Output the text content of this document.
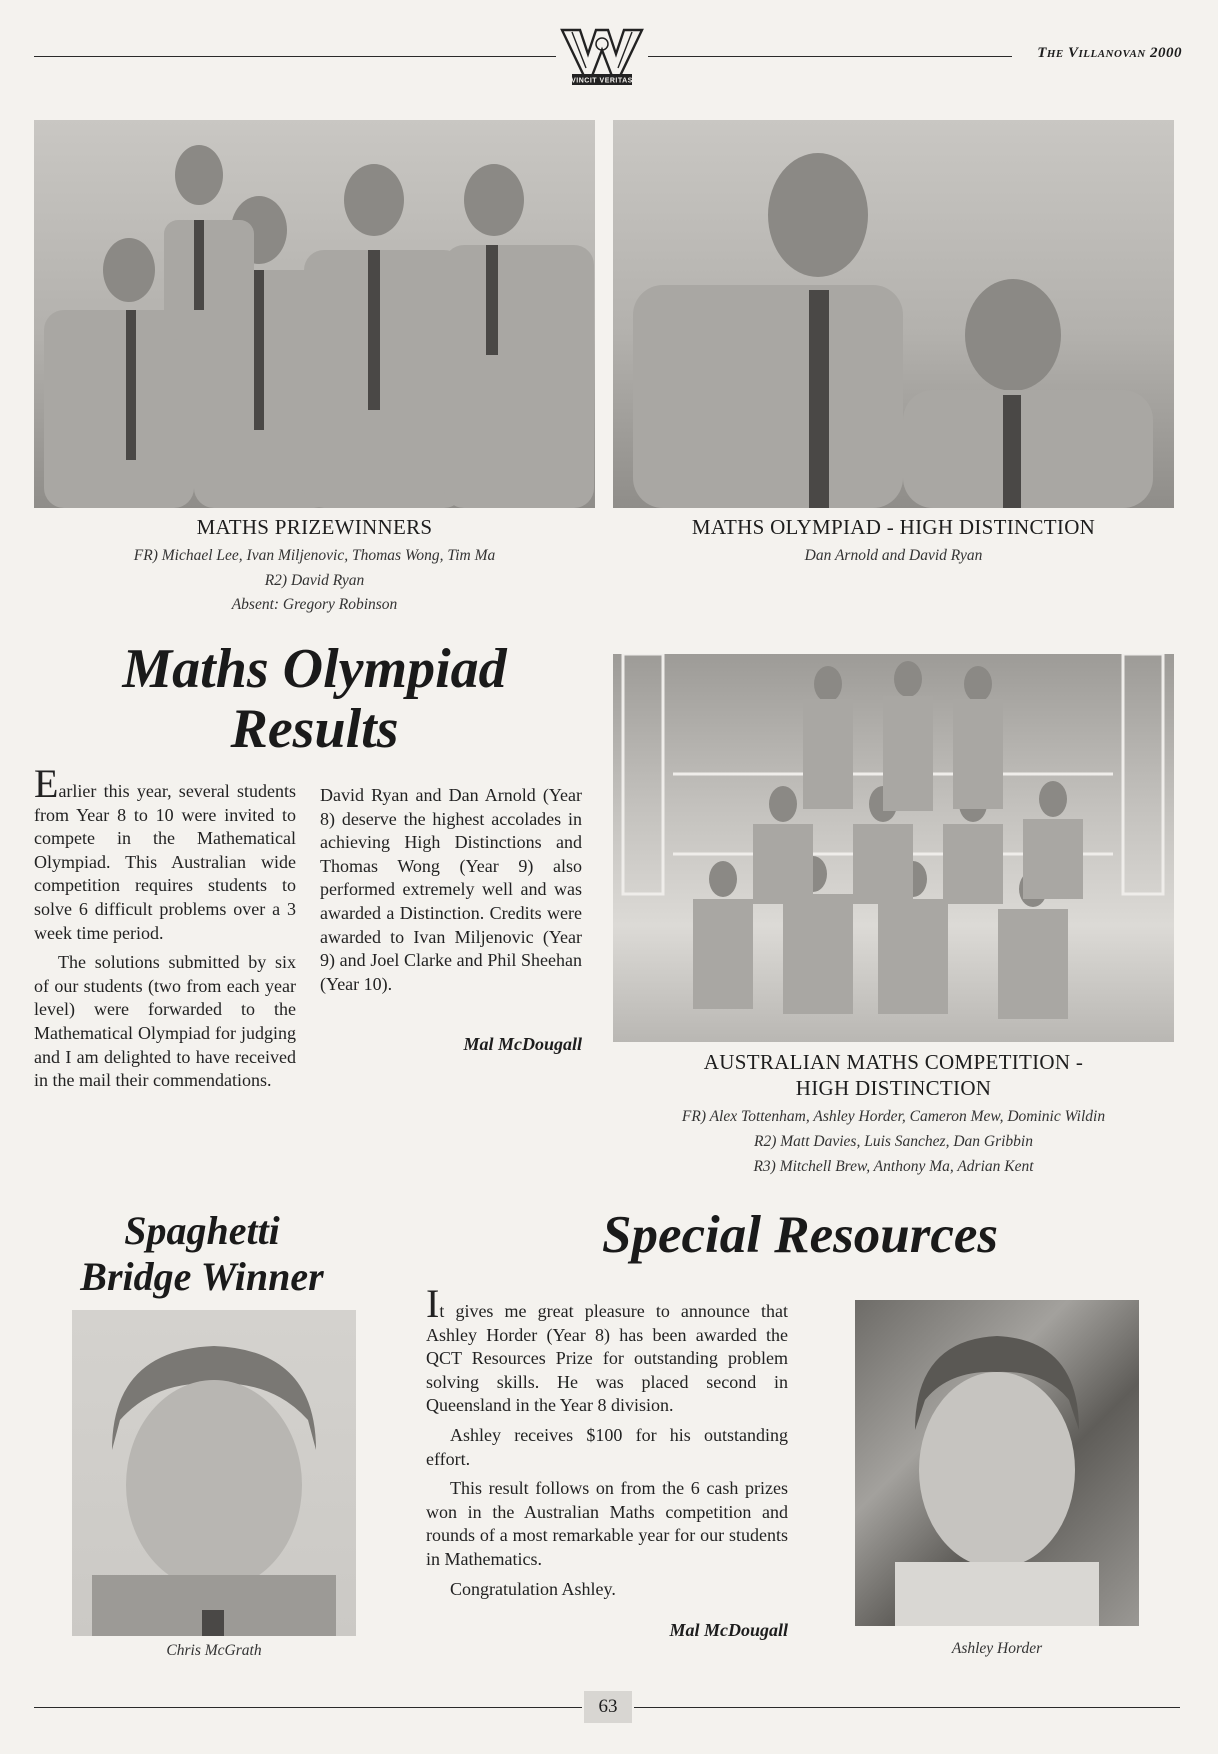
VINCIT VERITAS
The Villanovan 2000
MATHS PRIZEWINNERS
FR) Michael Lee, Ivan Miljenovic, Thomas Wong, Tim Ma
R2) David Ryan
Absent: Gregory Robinson
MATHS OLYMPIAD - HIGH DISTINCTION
Dan Arnold and David Ryan
Maths Olympiad
Results

Earlier this year, several students from Year 8 to 10 were invited to compete in the Mathematical Olympiad. This Australian wide competition requires students to solve 6 difficult problems over a 3 week time period.

The solutions submitted by six of our students (two from each year level) were forwarded to the Mathematical Olympiad for judging and I am delighted to have received in the mail their commendations.

David Ryan and Dan Arnold (Year 8) deserve the highest accolades in achieving High Distinctions and Thomas Wong (Year 9) also performed extremely well and was awarded a Distinction. Credits were awarded to Ivan Miljenovic (Year 9) and Joel Clarke and Phil Sheehan (Year 10).

Mal McDougall
AUSTRALIAN MATHS COMPETITION -
HIGH DISTINCTION
FR) Alex Tottenham, Ashley Horder, Cameron Mew, Dominic Wildin
R2) Matt Davies, Luis Sanchez, Dan Gribbin
R3) Mitchell Brew, Anthony Ma, Adrian Kent
Spaghetti
Bridge Winner
Chris McGrath
Special Resources

It gives me great pleasure to announce that Ashley Horder (Year 8) has been awarded the QCT Resources Prize for outstanding problem solving skills. He was placed second in Queensland in the Year 8 division.

Ashley receives $100 for his outstanding effort.

This result follows on from the 6 cash prizes won in the Australian Maths competition and rounds of a most remarkable year for our students in Mathematics.

Congratulation Ashley.

Mal McDougall
Ashley Horder
63
